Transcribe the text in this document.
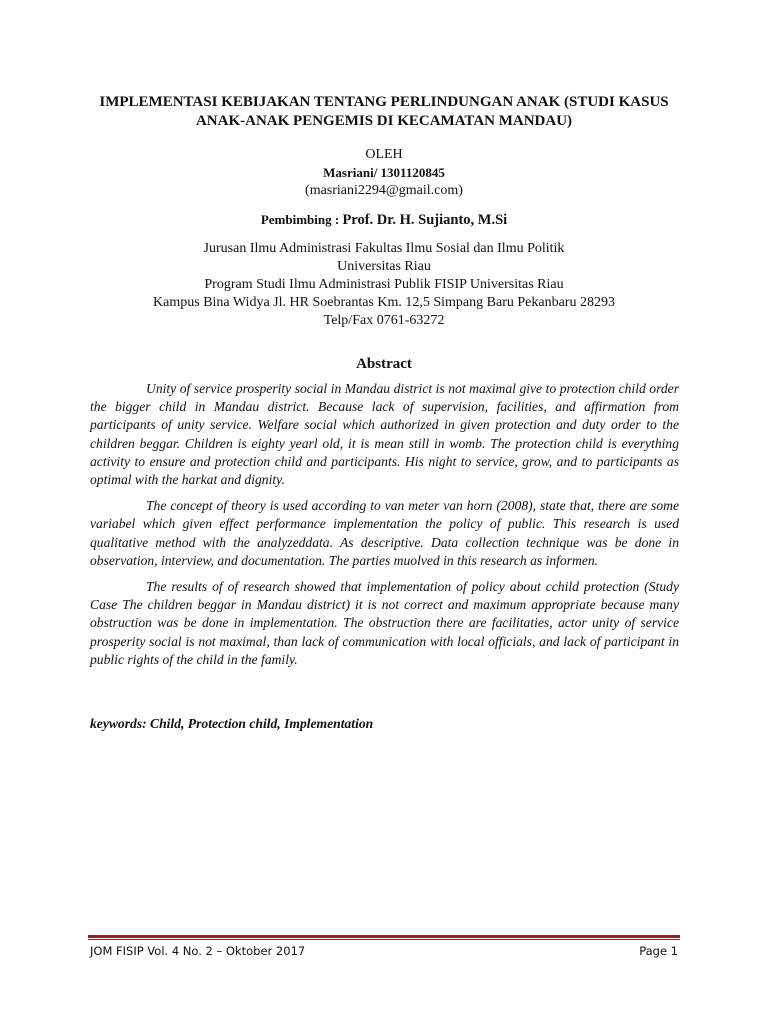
IMPLEMENTASI KEBIJAKAN TENTANG PERLINDUNGAN ANAK (STUDI KASUS
ANAK-ANAK PENGEMIS DI KECAMATAN MANDAU)
OLEH
Masriani/ 1301120845
(masriani2294@gmail.com)
Pembimbing : Prof. Dr. H. Sujianto, M.Si
Jurusan Ilmu Administrasi Fakultas Ilmu Sosial dan Ilmu Politik
Universitas Riau
Program Studi Ilmu Administrasi Publik FISIP Universitas Riau
Kampus Bina Widya Jl. HR Soebrantas Km. 12,5 Simpang Baru Pekanbaru 28293
Telp/Fax 0761-63272
Abstract

Unity of service prosperity social in Mandau district is not maximal give to protection child order the bigger child in Mandau district. Because lack of supervision, facilities, and affirmation from participants of unity service. Welfare social which authorized in given protection and duty order to the children beggar. Children is eighty yearl old, it is mean still in womb. The protection child is everything activity to ensure and protection child and participants. His night to service, grow, and to participants as optimal with the harkat and dignity.

The concept of theory is used according to van meter van horn (2008), state that, there are some variabel which given effect performance implementation the policy of public. This research is used qualitative method with the analyzeddata. As descriptive. Data collection technique was be done in observation, interview, and documentation. The parties muolved in this research as informen.

The results of of research showed that implementation of policy about cchild protection (Study Case The children beggar in Mandau district) it is not correct and maximum appropriate because many obstruction was be done in implementation. The obstruction there are facilitaties, actor unity of service prosperity social is not maximal, than lack of communication with local officials, and lack of participant in public rights of the child in the family.

keywords: Child, Protection child, Implementation
JOM FISIP Vol. 4 No. 2 – Oktober 2017	Page 1
